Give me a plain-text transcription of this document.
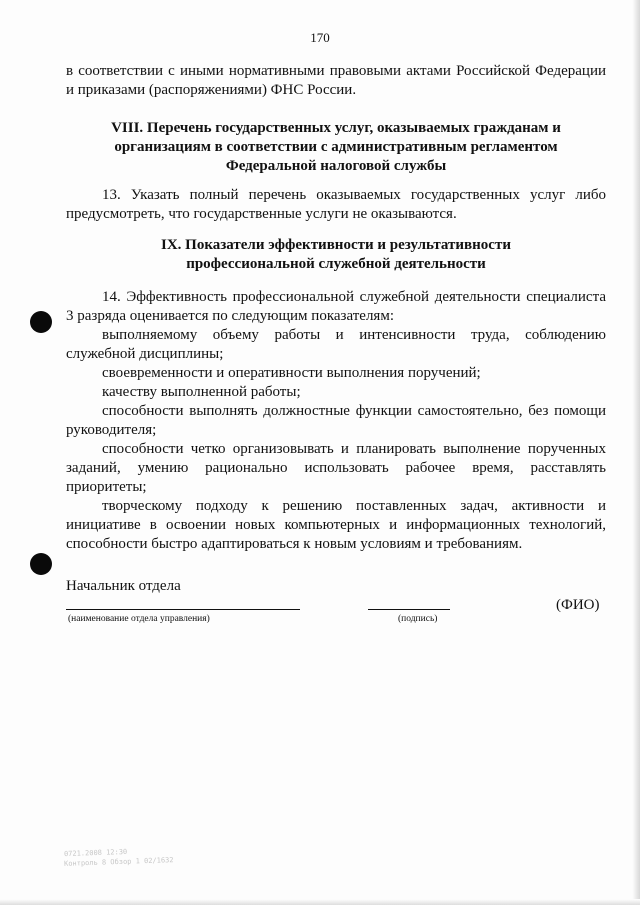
170

в соответствии с иными нормативными правовыми актами Российской Федерации и приказами (распоряжениями) ФНС России.

VIII. Перечень государственных услуг, оказываемых гражданам и

организациям в соответствии с административным регламентом

Федеральной налоговой службы

13. Указать полный перечень оказываемых государственных услуг либо предусмотреть, что государственные услуги не оказываются.

IX. Показатели эффективности и результативности

профессиональной служебной деятельности

14. Эффективность профессиональной служебной деятельности специалиста 3 разряда оценивается по следующим показателям:

выполняемому объему работы и интенсивности труда, соблюдению служебной дисциплины;

своевременности и оперативности выполнения поручений;

качеству выполненной работы;

способности выполнять должностные функции самостоятельно, без помощи руководителя;

способности четко организовывать и планировать выполнение порученных заданий, умению рационально использовать рабочее время, расставлять приоритеты;

творческому подходу к решению поставленных задач, активности и инициативе в освоении новых компьютерных и информационных технологий, способности быстро адаптироваться к новым условиям и требованиям.

Начальник отдела
(ФИО)
(наименование отдела управления)	(подпись)
0721.2008 12:30
Контроль 8 Обзор 1 02/1632
